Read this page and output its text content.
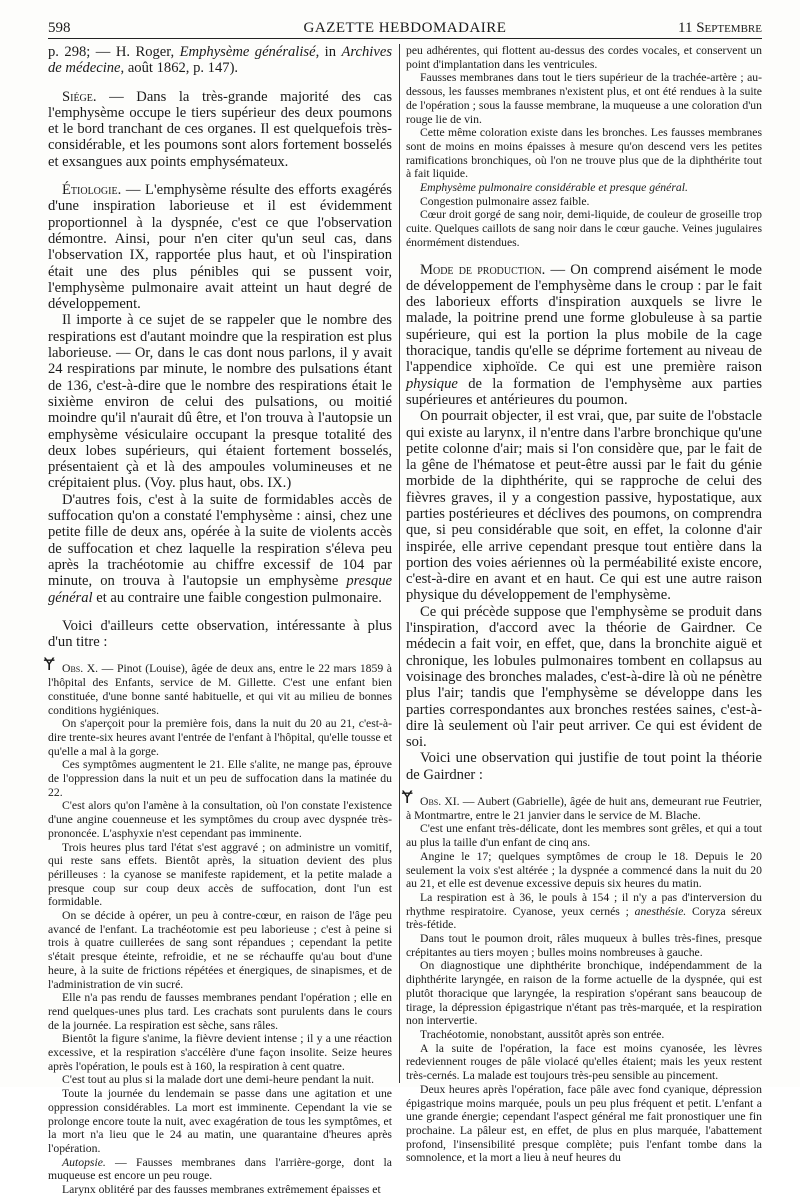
598	GAZETTE HEBDOMADAIRE	11 Septembre

p. 298; — H. Roger, Emphysème généralisé, in Archives de médecine, août 1862, p. 147).

Siége. — Dans la très-grande majorité des cas l'emphysème occupe le tiers supérieur des deux poumons et le bord tranchant de ces organes. Il est quelquefois très-considérable, et les poumons sont alors fortement bosselés et exsangues aux points emphysémateux.

Étiologie. — L'emphysème résulte des efforts exagérés d'une inspiration laborieuse et il est évidemment proportionnel à la dyspnée, c'est ce que l'observation démontre. Ainsi, pour n'en citer qu'un seul cas, dans l'observation IX, rapportée plus haut, et où l'inspiration était une des plus pénibles qui se pussent voir, l'emphysème pulmonaire avait atteint un haut degré de développement.

Il importe à ce sujet de se rappeler que le nombre des respirations est d'autant moindre que la respiration est plus laborieuse. — Or, dans le cas dont nous parlons, il y avait 24 respirations par minute, le nombre des pulsations étant de 136, c'est-à-dire que le nombre des respirations était le sixième environ de celui des pulsations, ou moitié moindre qu'il n'aurait dû être, et l'on trouva à l'autopsie un emphysème vésiculaire occupant la presque totalité des deux lobes supérieurs, qui étaient fortement bosselés, présentaient çà et là des ampoules volumineuses et ne crépitaient plus. (Voy. plus haut, obs. IX.)

D'autres fois, c'est à la suite de formidables accès de suffocation qu'on a constaté l'emphysème : ainsi, chez une petite fille de deux ans, opérée à la suite de violents accès de suffocation et chez laquelle la respiration s'éleva peu après la trachéotomie au chiffre excessif de 104 par minute, on trouva à l'autopsie un emphysème presque général et au contraire une faible congestion pulmonaire.

Voici d'ailleurs cette observation, intéressante à plus d'un titre :

Ɏ Obs. X. — Pinot (Louise), âgée de deux ans, entre le 22 mars 1859 à l'hôpital des Enfants, service de M. Gillette. C'est une enfant bien constituée, d'une bonne santé habituelle, et qui vit au milieu de bonnes conditions hygiéniques.

On s'aperçoit pour la première fois, dans la nuit du 20 au 21, c'est-à-dire trente-six heures avant l'entrée de l'enfant à l'hôpital, qu'elle tousse et qu'elle a mal à la gorge.

Ces symptômes augmentent le 21. Elle s'alite, ne mange pas, éprouve de l'oppression dans la nuit et un peu de suffocation dans la matinée du 22.

C'est alors qu'on l'amène à la consultation, où l'on constate l'existence d'une angine couenneuse et les symptômes du croup avec dyspnée très-prononcée. L'asphyxie n'est cependant pas imminente.

Trois heures plus tard l'état s'est aggravé ; on administre un vomitif, qui reste sans effets. Bientôt après, la situation devient des plus périlleuses : la cyanose se manifeste rapidement, et la petite malade a presque coup sur coup deux accès de suffocation, dont l'un est formidable.

On se décide à opérer, un peu à contre-cœur, en raison de l'âge peu avancé de l'enfant. La trachéotomie est peu laborieuse ; c'est à peine si trois à quatre cuillerées de sang sont répandues ; cependant la petite s'était presque éteinte, refroidie, et ne se réchauffe qu'au bout d'une heure, à la suite de frictions répétées et énergiques, de sinapismes, et de l'administration de vin sucré.

Elle n'a pas rendu de fausses membranes pendant l'opération ; elle en rend quelques-unes plus tard. Les crachats sont purulents dans le cours de la journée. La respiration est sèche, sans râles.

Bientôt la figure s'anime, la fièvre devient intense ; il y a une réaction excessive, et la respiration s'accélère d'une façon insolite. Seize heures après l'opération, le pouls est à 160, la respiration à cent quatre.

C'est tout au plus si la malade dort une demi-heure pendant la nuit.

Toute la journée du lendemain se passe dans une agitation et une oppression considérables. La mort est imminente. Cependant la vie se prolonge encore toute la nuit, avec exagération de tous les symptômes, et la mort n'a lieu que le 24 au matin, une quarantaine d'heures après l'opération.

Autopsie. — Fausses membranes dans l'arrière-gorge, dont la muqueuse est encore un peu rouge.

Larynx oblitéré par des fausses membranes extrêmement épaisses et

peu adhérentes, qui flottent au-dessus des cordes vocales, et conservent un point d'implantation dans les ventricules.

Fausses membranes dans tout le tiers supérieur de la trachée-artère ; au-dessous, les fausses membranes n'existent plus, et ont été rendues à la suite de l'opération ; sous la fausse membrane, la muqueuse a une coloration d'un rouge lie de vin.

Cette même coloration existe dans les bronches. Les fausses membranes sont de moins en moins épaisses à mesure qu'on descend vers les petites ramifications bronchiques, où l'on ne trouve plus que de la diphthérite tout à fait liquide.

Emphysème pulmonaire considérable et presque général.

Congestion pulmonaire assez faible.

Cœur droit gorgé de sang noir, demi-liquide, de couleur de groseille trop cuite. Quelques caillots de sang noir dans le cœur gauche. Veines jugulaires énormément distendues.

Mode de production. — On comprend aisément le mode de développement de l'emphysème dans le croup : par le fait des laborieux efforts d'inspiration auxquels se livre le malade, la poitrine prend une forme globuleuse à sa partie supérieure, qui est la portion la plus mobile de la cage thoracique, tandis qu'elle se déprime fortement au niveau de l'appendice xiphoïde. Ce qui est une première raison physique de la formation de l'emphysème aux parties supérieures et antérieures du poumon.

On pourrait objecter, il est vrai, que, par suite de l'obstacle qui existe au larynx, il n'entre dans l'arbre bronchique qu'une petite colonne d'air; mais si l'on considère que, par le fait de la gêne de l'hématose et peut-être aussi par le fait du génie morbide de la diphthérite, qui se rapproche de celui des fièvres graves, il y a congestion passive, hypostatique, aux parties postérieures et déclives des poumons, on comprendra que, si peu considérable que soit, en effet, la colonne d'air inspirée, elle arrive cependant presque tout entière dans la portion des voies aériennes où la perméabilité existe encore, c'est-à-dire en avant et en haut. Ce qui est une autre raison physique du développement de l'emphysème.

Ce qui précède suppose que l'emphysème se produit dans l'inspiration, d'accord avec la théorie de Gairdner. Ce médecin a fait voir, en effet, que, dans la bronchite aiguë et chronique, les lobules pulmonaires tombent en collapsus au voisinage des bronches malades, c'est-à-dire là où ne pénètre plus l'air; tandis que l'emphysème se développe dans les parties correspondantes aux bronches restées saines, c'est-à-dire là seulement où l'air peut arriver. Ce qui est évident de soi.

Voici une observation qui justifie de tout point la théorie de Gairdner :

Ɏ Obs. XI. — Aubert (Gabrielle), âgée de huit ans, demeurant rue Feutrier, à Montmartre, entre le 21 janvier dans le service de M. Blache.

C'est une enfant très-délicate, dont les membres sont grêles, et qui a tout au plus la taille d'un enfant de cinq ans.

Angine le 17; quelques symptômes de croup le 18. Depuis le 20 seulement la voix s'est altérée ; la dyspnée a commencé dans la nuit du 20 au 21, et elle est devenue excessive depuis six heures du matin.

La respiration est à 36, le pouls à 154 ; il n'y a pas d'interversion du rhythme respiratoire. Cyanose, yeux cernés ; anesthésie. Coryza séreux très-fétide.

Dans tout le poumon droit, râles muqueux à bulles très-fines, presque crépitantes au tiers moyen ; bulles moins nombreuses à gauche.

On diagnostique une diphthérite bronchique, indépendamment de la diphthérite laryngée, en raison de la forme actuelle de la dyspnée, qui est plutôt thoracique que laryngée, la respiration s'opérant sans beaucoup de tirage, la dépression épigastrique n'étant pas très-marquée, et la respiration non intervertie.

Trachéotomie, nonobstant, aussitôt après son entrée.

A la suite de l'opération, la face est moins cyanosée, les lèvres redeviennent rouges de pâle violacé qu'elles étaient; mais les yeux restent très-cernés. La malade est toujours très-peu sensible au pincement.

Deux heures après l'opération, face pâle avec fond cyanique, dépression épigastrique moins marquée, pouls un peu plus fréquent et petit. L'enfant a une grande énergie; cependant l'aspect général me fait pronostiquer une fin prochaine. La pâleur est, en effet, de plus en plus marquée, l'abattement profond, l'insensibilité presque complète; puis l'enfant tombe dans la somnolence, et la mort a lieu à neuf heures du
